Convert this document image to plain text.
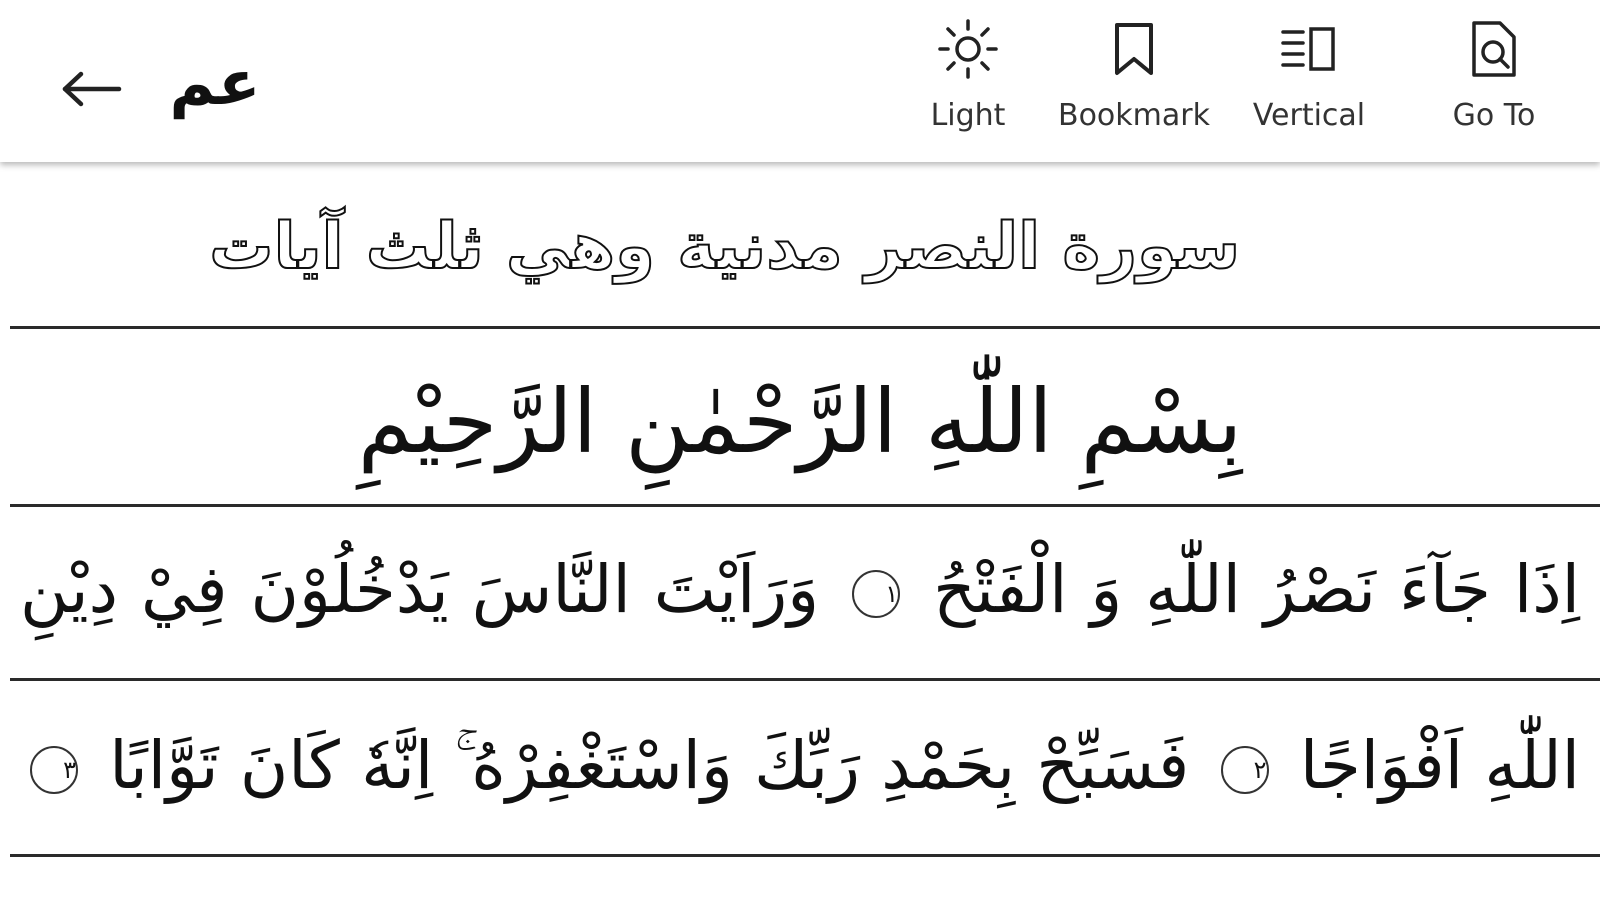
عم	Light Bookmark Vertical	Go To
سورة النصر مدنية وهي ثلث آيات
بِسْمِ اللّٰهِ الرَّحْمٰنِ الرَّحِيْمِ
اِذَا جَآءَ نَصْرُ اللّٰهِ وَ الْفَتْحُ ١ وَرَاَيْتَ النَّاسَ يَدْخُلُوْنَ فِيْ دِيْنِ
اللّٰهِ اَفْوَاجًا ٢ فَسَبِّحْ بِحَمْدِ رَبِّكَ وَاسْتَغْفِرْهُ ۚ اِنَّهٗ كَانَ تَوَّابًا ٣
